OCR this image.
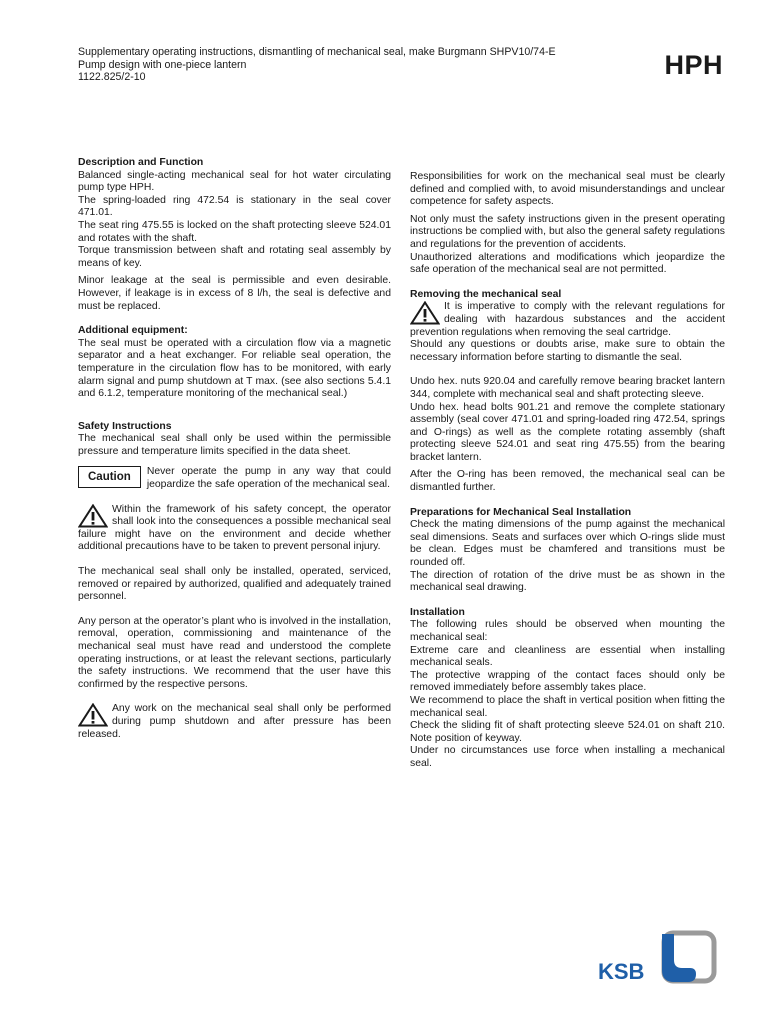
Supplementary operating instructions, dismantling of mechanical seal, make Burgmann SHPV10/74-E
Pump design with one-piece lantern
1122.825/2-10	HPH
Description and Function

Balanced single-acting mechanical seal for hot water circulating pump type HPH.

The spring-loaded ring 472.54 is stationary in the seal cover 471.01.

The seat ring 475.55 is locked on the shaft protecting sleeve 524.01 and rotates with the shaft.

Torque transmission between shaft and rotating seal assembly by means of key.

Minor leakage at the seal is permissible and even desirable. However, if leakage is in excess of 8 l/h, the seal is defective and must be replaced.

Additional equipment:

The seal must be operated with a circulation flow via a magnetic separator and a heat exchanger. For reliable seal operation, the temperature in the circulation flow has to be monitored, with early alarm signal and pump shutdown at T max. (see also sections 5.4.1 and 6.1.2, temperature monitoring of the mechanical seal.)

Safety Instructions

The mechanical seal shall only be used within the permissible pressure and temperature limits specified in the data sheet.

Caution	Never operate the pump in any way that could jeopardize the safe operation of the mechanical seal.
Within the framework of his safety concept, the operator shall look into the consequences a possible mechanical seal failure might have on the environment and decide whether additional precautions have to be taken to prevent personal injury.

The mechanical seal shall only be installed, operated, serviced, removed or repaired by authorized, qualified and adequately trained personnel.

Any person at the operator’s plant who is involved in the installation, removal, operation, commissioning and maintenance of the mechanical seal must have read and understood the complete operating instructions, or at least the relevant sections, particularly the safety instructions. We recommend that the user have this confirmed by the respective persons.

Any work on the mechanical seal shall only be performed during pump shutdown and after pressure has been released.

Responsibilities for work on the mechanical seal must be clearly defined and complied with, to avoid misunderstandings and unclear competence for safety aspects.

Not only must the safety instructions given in the present operating instructions be complied with, but also the general safety regulations and regulations for the prevention of accidents.

Unauthorized alterations and modifications which jeopardize the safe operation of the mechanical seal are not permitted.

Removing the mechanical seal
It is imperative to comply with the relevant regulations for dealing with hazardous substances and the accident prevention regulations when removing the seal cartridge.

Should any questions or doubts arise, make sure to obtain the necessary information before starting to dismantle the seal.

Undo hex. nuts 920.04 and carefully remove bearing bracket lantern 344, complete with mechanical seal and shaft protecting sleeve.

Undo hex. head bolts 901.21 and remove the complete stationary assembly (seal cover 471.01 and spring-loaded ring 472.54, springs and O-rings) as well as the complete rotating assembly (shaft protecting sleeve 524.01 and seat ring 475.55) from the bearing bracket lantern.

After the O-ring has been removed, the mechanical seal can be dismantled further.

Preparations for Mechanical Seal Installation

Check the mating dimensions of the pump against the mechanical seal dimensions. Seats and surfaces over which O-rings slide must be clean. Edges must be chamfered and transitions must be rounded off.

The direction of rotation of the drive must be as shown in the mechanical seal drawing.

Installation

The following rules should be observed when mounting the mechanical seal:

Extreme care and cleanliness are essential when installing mechanical seals.

The protective wrapping of the contact faces should only be removed immediately before assembly takes place.

We recommend to place the shaft in vertical position when fitting the mechanical seal.

Check the sliding fit of shaft protecting sleeve 524.01 on shaft 210. Note position of keyway.

Under no circumstances use force when installing a mechanical seal.

KSB
